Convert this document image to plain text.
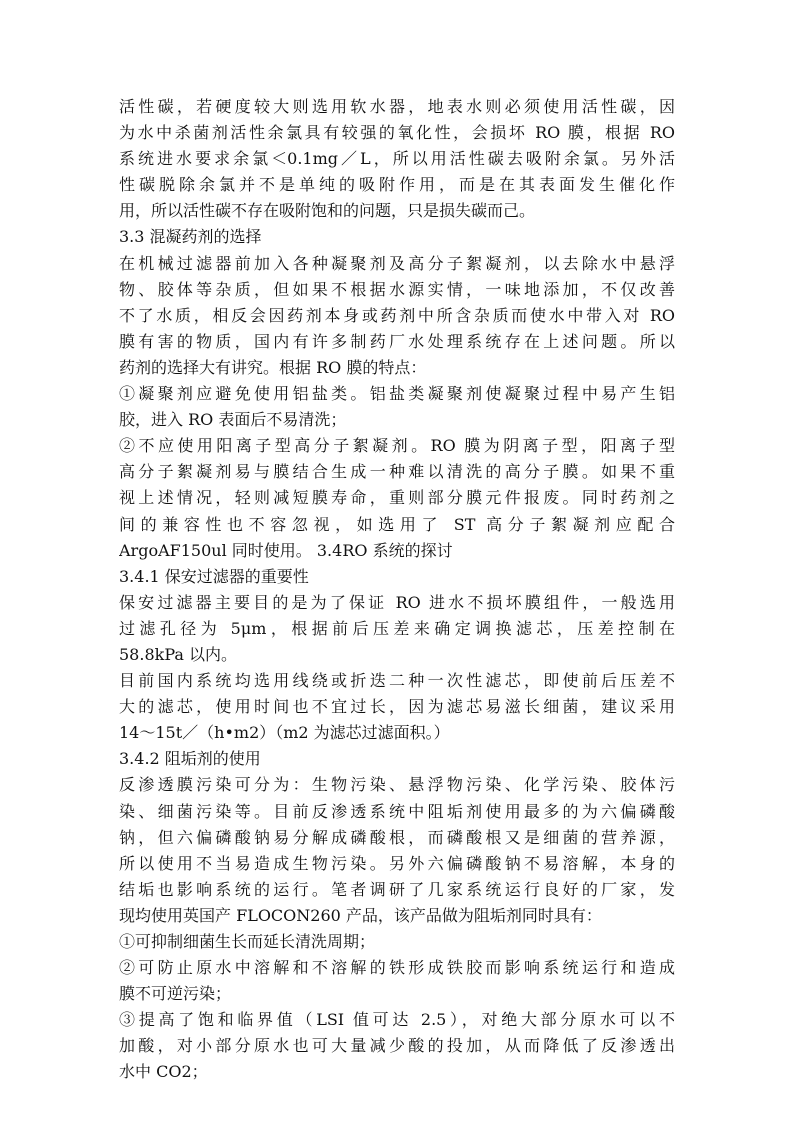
活性碳，若硬度较大则选用软水器，地表水则必须使用活性碳，因
为水中杀菌剂活性余氯具有较强的氧化性，会损坏 RO 膜，根据 RO
系统进水要求余氯＜0.1mg／L，所以用活性碳去吸附余氯。另外活
性碳脱除余氯并不是单纯的吸附作用，而是在其表面发生催化作
用，所以活性碳不存在吸附饱和的问题，只是损失碳而己。
3.3 混凝药剂的选择
在机械过滤器前加入各种凝聚剂及高分子絮凝剂，以去除水中悬浮
物、胶体等杂质，但如果不根据水源实情，一味地添加，不仅改善
不了水质，相反会因药剂本身或药剂中所含杂质而使水中带入对 RO
膜有害的物质，国内有许多制药厂水处理系统存在上述问题。所以
药剂的选择大有讲究。根据 RO 膜的特点：
①凝聚剂应避免使用铝盐类。铝盐类凝聚剂使凝聚过程中易产生铝
胶，进入 RO 表面后不易清洗；
②不应使用阳离子型高分子絮凝剂。RO 膜为阴离子型，阳离子型
高分子絮凝剂易与膜结合生成一种难以清洗的高分子膜。如果不重
视上述情况，轻则减短膜寿命，重则部分膜元件报废。同时药剂之
间的兼容性也不容忽视，如选用了 ST 高分子絮凝剂应配合
ArgoAF150ul 同时使用。 3.4RO 系统的探讨
3.4.1 保安过滤器的重要性
保安过滤器主要目的是为了保证 RO 进水不损坏膜组件，一般选用
过滤孔径为 5μm，根据前后压差来确定调换滤芯，压差控制在
58.8kPa 以内。
目前国内系统均选用线绕或折迭二种一次性滤芯，即使前后压差不
大的滤芯，使用时间也不宜过长，因为滤芯易滋长细菌，建议采用
14～15t／（h•m2）（m2 为滤芯过滤面积。）
3.4.2 阻垢剂的使用
反渗透膜污染可分为：生物污染、悬浮物污染、化学污染、胶体污
染、细菌污染等。目前反渗透系统中阻垢剂使用最多的为六偏磷酸
钠，但六偏磷酸钠易分解成磷酸根，而磷酸根又是细菌的营养源，
所以使用不当易造成生物污染。另外六偏磷酸钠不易溶解，本身的
结垢也影响系统的运行。笔者调研了几家系统运行良好的厂家，发
现均使用英国产 FLOCON260 产品，该产品做为阻垢剂同时具有：
①可抑制细菌生长而延长清洗周期；
②可防止原水中溶解和不溶解的铁形成铁胶而影响系统运行和造成
膜不可逆污染；
③提高了饱和临界值（LSI 值可达 2.5），对绝大部分原水可以不
加酸，对小部分原水也可大量减少酸的投加，从而降低了反渗透出
水中 CO2；
